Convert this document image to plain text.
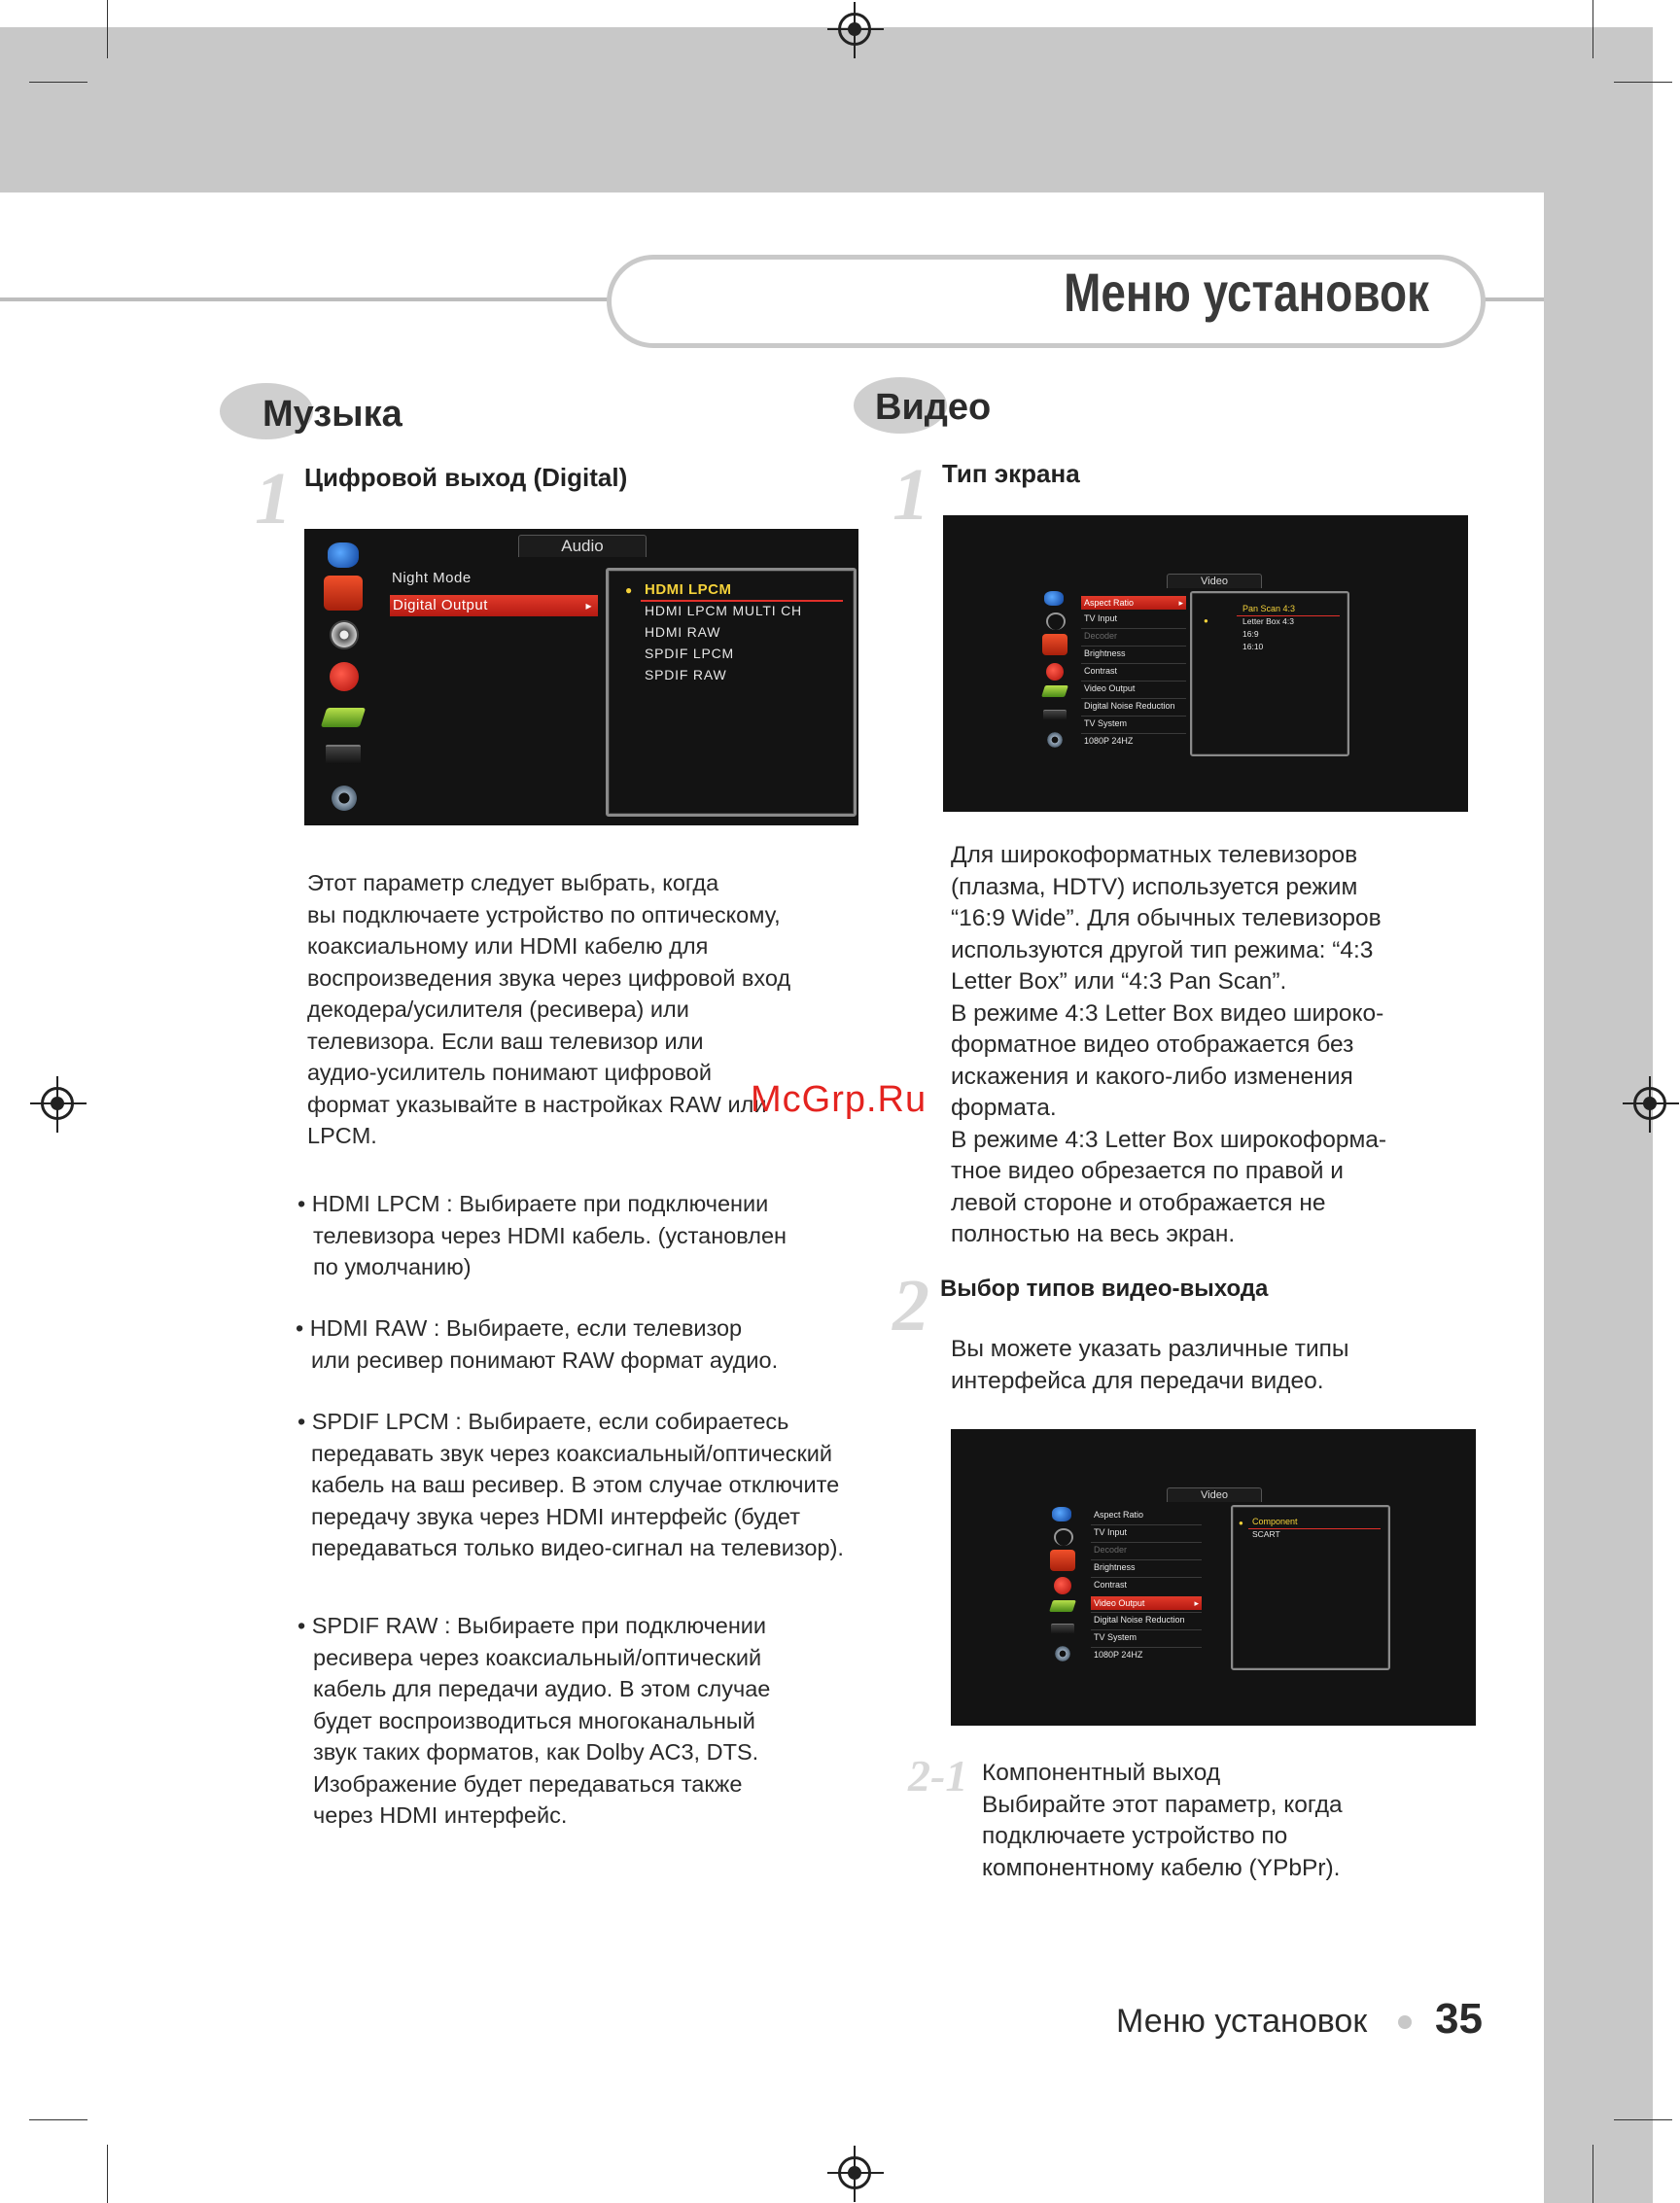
Меню установок
Музыка
1 Цифровой выход (Digital)
Audio
Night Mode
Digital Output	▸
● HDMI LPCM
HDMI LPCM MULTI CH
HDMI RAW
SPDIF LPCM
SPDIF RAW
Этот параметр следует выбрать, когда
вы подключаете устройство по оптическому,
коаксиальному или HDMI кабелю для
воспроизведения звука через цифровой вход
декодера/усилителя (ресивера) или
телевизора. Если ваш телевизор или
аудио-усилитель понимают цифровой
формат указывайте в настройках RAW или
LPCM.
• HDMI LPCM : Выбираете при подключении
телевизора через HDMI кабель. (установлен
по умолчанию)
• HDMI RAW : Выбираете, если телевизор
или ресивер понимают RAW формат аудио.
• SPDIF LPCM : Выбираете, если собираетесь
передавать звук через коаксиальный/оптический
кабель на ваш ресивер. В этом случае отключите
передачу звука через HDMI интерфейс (будет
передаваться только видео-сигнал на телевизор).
• SPDIF RAW : Выбираете при подключении
ресивера через коаксиальный/оптический
кабель для передачи аудио. В этом случае
будет воспроизводиться многоканальный
звук таких форматов, как Dolby AC3, DTS.
Изображение будет передаваться также
через HDMI интерфейс.
Видео
1 Тип экрана
Video
Aspect Ratio	▸
TV Input
Decoder
Brightness
Contrast
Video Output
Digital Noise Reduction
TV System
1080P 24HZ
●
Pan Scan 4:3
Letter Box 4:3
16:9
16:10
Для широкоформатных телевизоров
(плазма, HDTV) используется режим
“16:9 Wide”. Для обычных телевизоров
используются другой тип режима: “4:3
Letter Box” или “4:3 Pan Scan”.
В режиме 4:3 Letter Box видео широко-
форматное видео отображается без
искажения и какого-либо изменения
формата.
В режиме 4:3 Letter Box широкоформа-
тное видео обрезается по правой и
левой стороне и отображается не
полностью на весь экран.
2 Выбор типов видео-выхода
Вы можете указать различные типы
интерфейса для передачи видео.
Video
Aspect Ratio
TV Input
Decoder
Brightness
Contrast
Video Output	▸
Digital Noise Reduction
TV System
1080P 24HZ
● Component
SCART
2-1 Компонентный выход
Выбирайте этот параметр, когда
подключаете устройство по
компонентному кабелю (YPbPr).
McGrp.Ru
Меню установок 35
